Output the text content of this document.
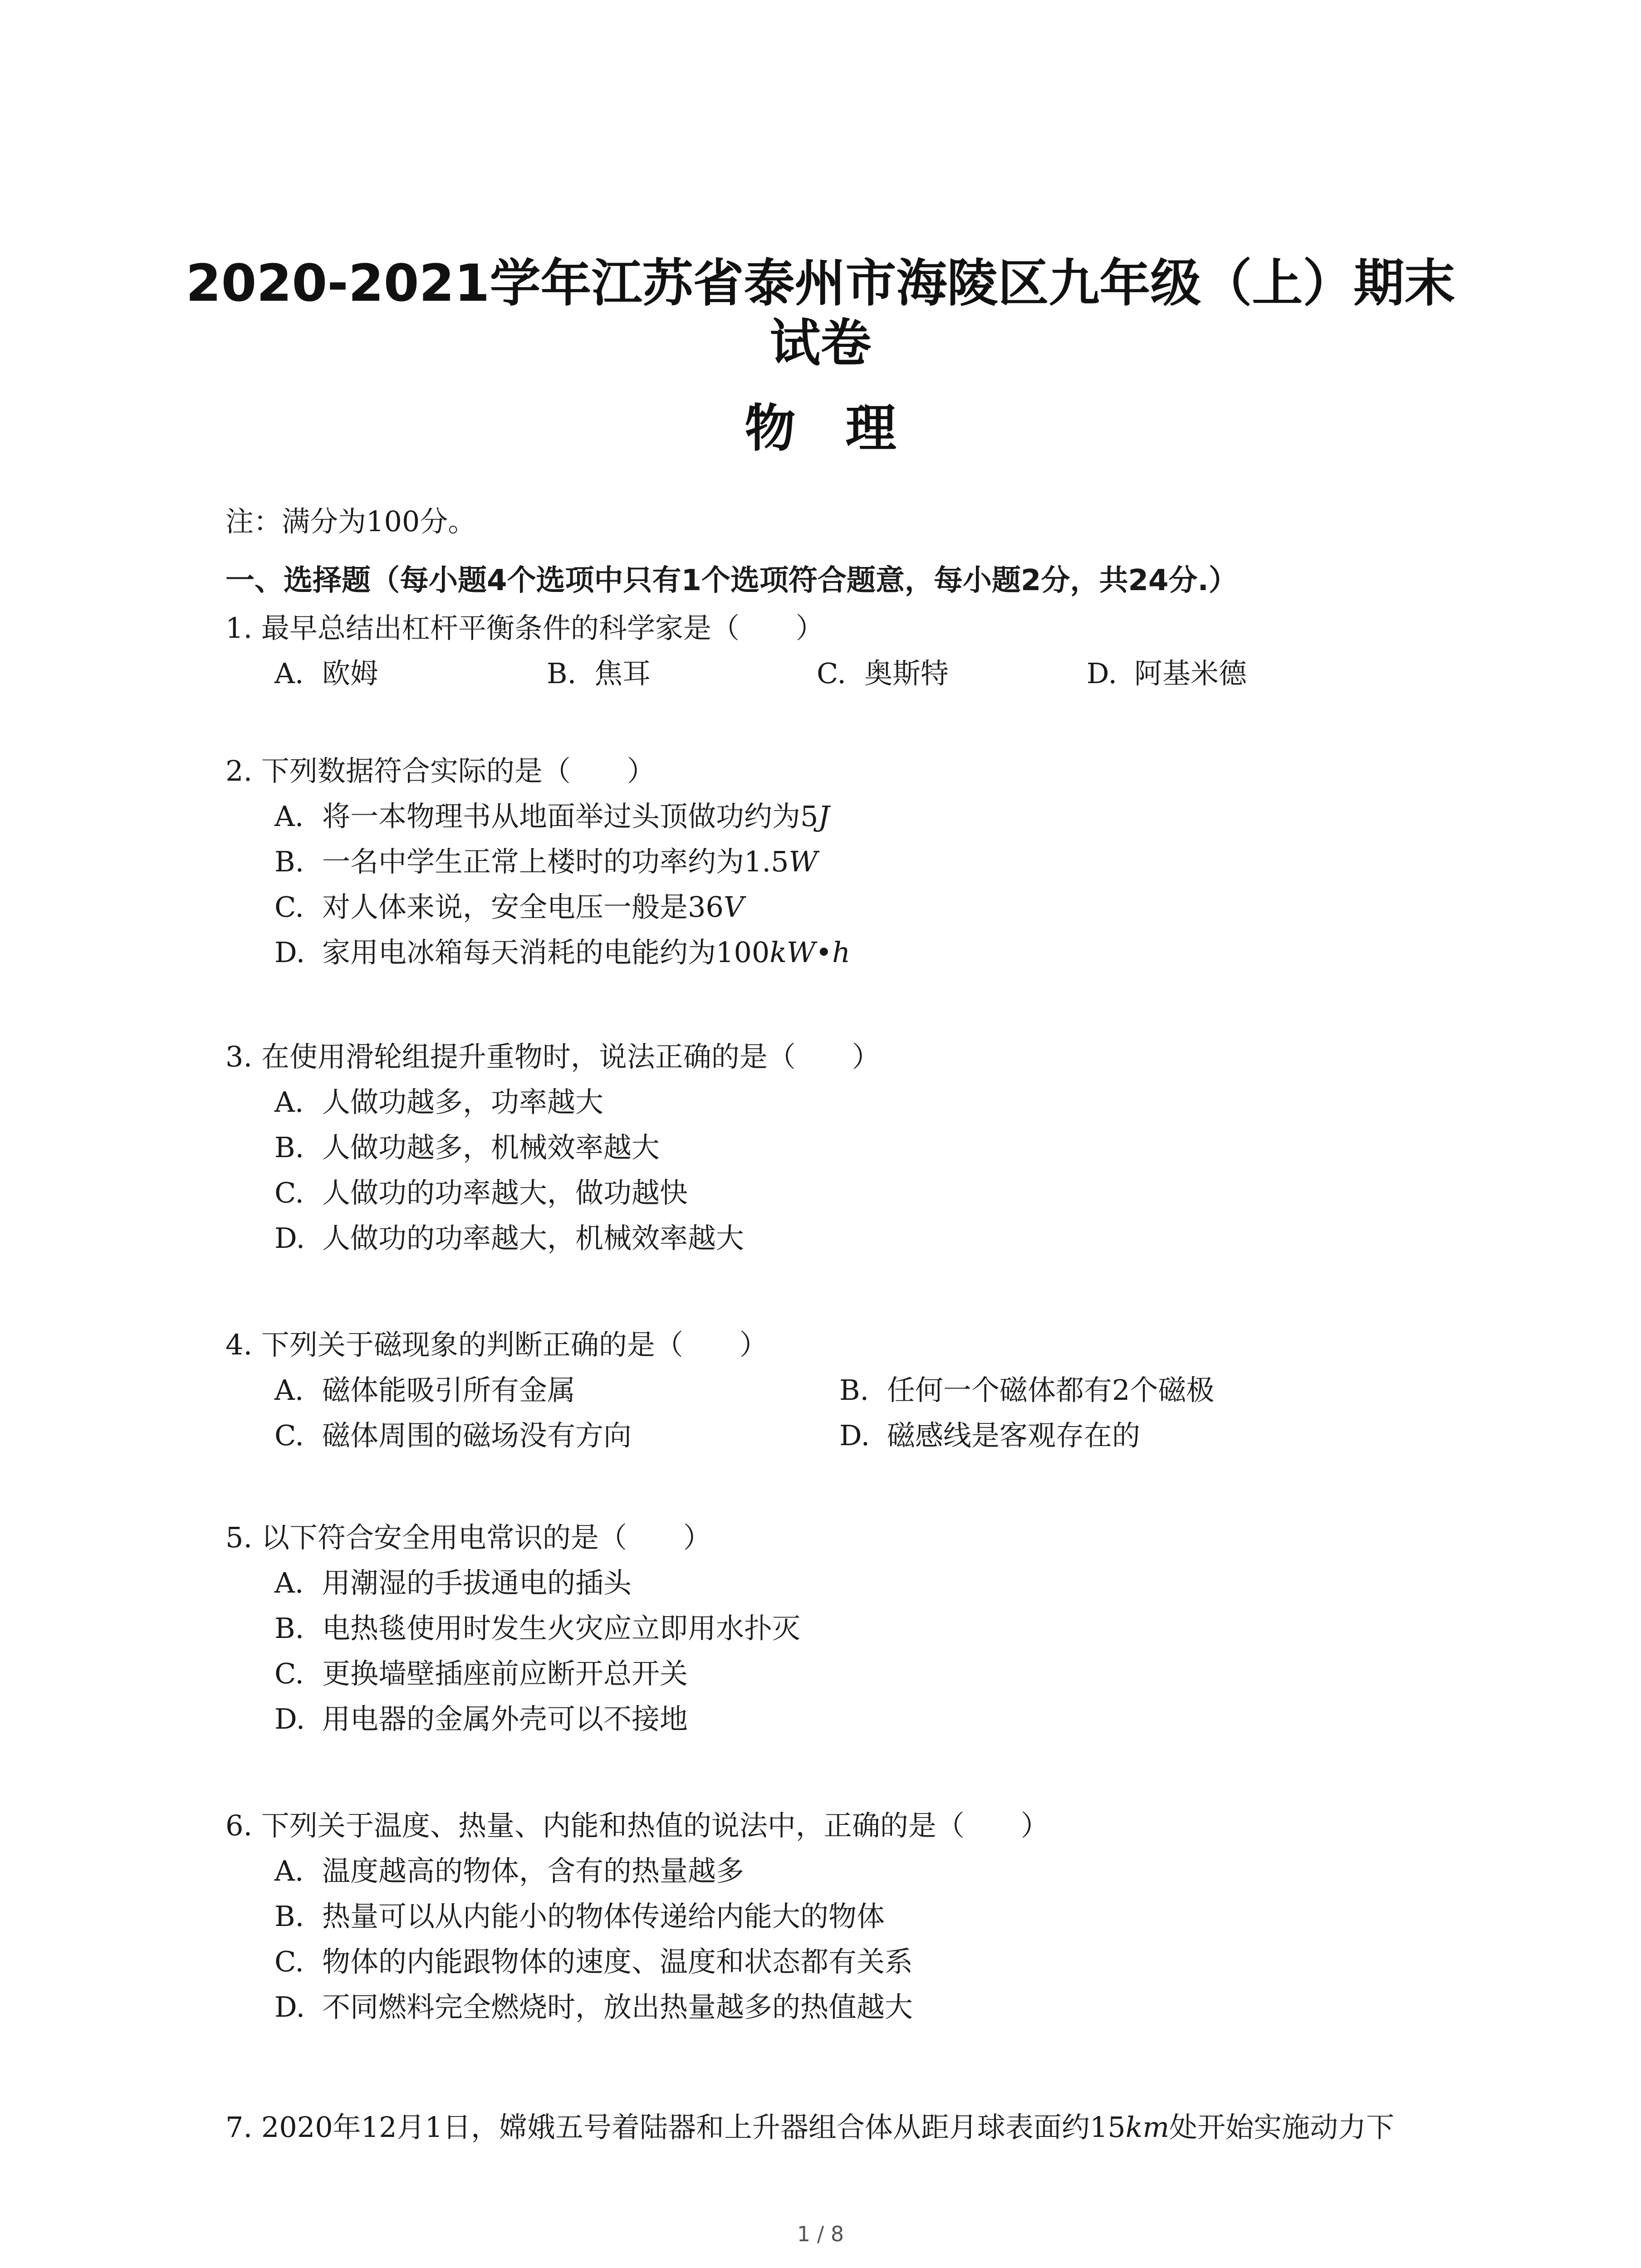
2020-2021学年江苏省泰州市海陵区九年级（上）期末
试卷
物理
注：满分为100分。
一、选择题（每小题4个选项中只有1个选项符合题意，每小题2分，共24分.）
1. 最早总结出杠杆平衡条件的科学家是（　　）
A. 欧姆	B. 焦耳	C. 奥斯特	D. 阿基米德
2. 下列数据符合实际的是（　　）
A. 将一本物理书从地面举过头顶做功约为5J
B. 一名中学生正常上楼时的功率约为1.5W
C. 对人体来说，安全电压一般是36V
D. 家用电冰箱每天消耗的电能约为100kW•h
3. 在使用滑轮组提升重物时，说法正确的是（　　）
A. 人做功越多，功率越大
B. 人做功越多，机械效率越大
C. 人做功的功率越大，做功越快
D. 人做功的功率越大，机械效率越大
4. 下列关于磁现象的判断正确的是（　　）
A. 磁体能吸引所有金属	B. 任何一个磁体都有2个磁极
C. 磁体周围的磁场没有方向	D. 磁感线是客观存在的
5. 以下符合安全用电常识的是（　　）
A. 用潮湿的手拔通电的插头
B. 电热毯使用时发生火灾应立即用水扑灭
C. 更换墙壁插座前应断开总开关
D. 用电器的金属外壳可以不接地
6. 下列关于温度、热量、内能和热值的说法中，正确的是（　　）
A. 温度越高的物体，含有的热量越多
B. 热量可以从内能小的物体传递给内能大的物体
C. 物体的内能跟物体的速度、温度和状态都有关系
D. 不同燃料完全燃烧时，放出热量越多的热值越大
7. 2020年12月1日，嫦娥五号着陆器和上升器组合体从距月球表面约15km处开始实施动力下
1 / 8
